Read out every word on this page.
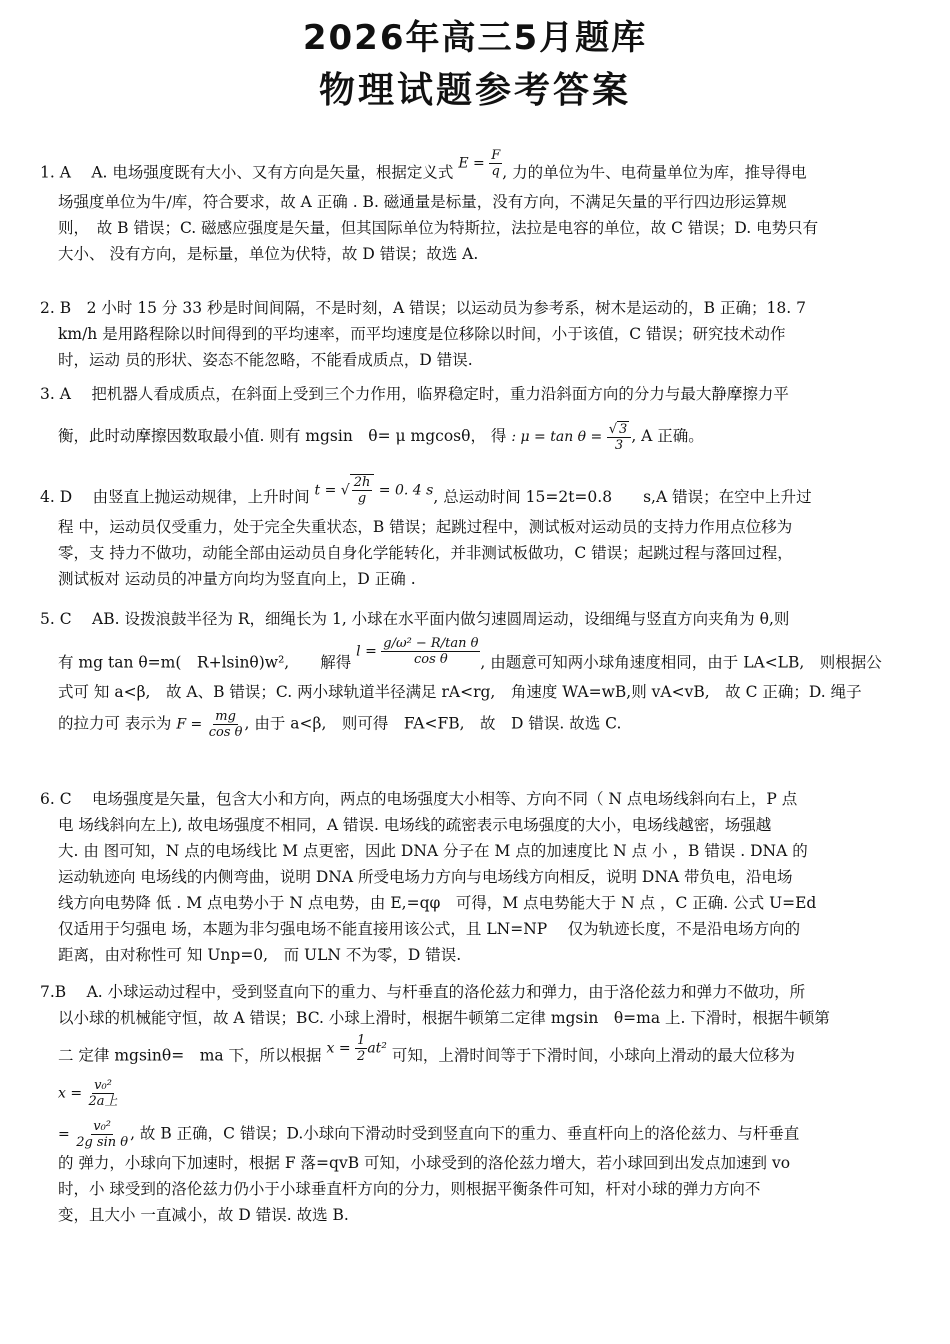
2026年高三5月题库
物理试题参考答案

1. A　 A. 电场强度既有大小、又有方向是矢量，根据定义式 $E = \frac{F}{q}$ , 力的单位为牛、电荷量单位为库，推导得电

场强度单位为牛/库，符合要求，故 A 正确 . B. 磁通量是标量，没有方向，不满足矢量的平行四边形运算规

则，　故 B 错误；C. 磁感应强度是矢量，但其国际单位为特斯拉，法拉是电容的单位，故 C 错误；D. 电势只有

大小、 没有方向，是标量，单位为伏特，故 D 错误；故选 A.

2. B　2 小时 15 分 33 秒是时间间隔，不是时刻，A 错误；以运动员为参考系，树木是运动的，B 正确；18. 7

km/h 是用路程除以时间得到的平均速率，而平均速度是位移除以时间，小于该值，C 错误；研究技术动作

时，运动 员的形状、姿态不能忽略，不能看成质点，D 错误.

3. A　 把机器人看成质点，在斜面上受到三个力作用，临界稳定时，重力沿斜面方向的分力与最大静摩擦力平

衡，此时动摩擦因数取最小值. 则有 mgsin　θ= μ mgcosθ， 得 : $\mu = \tan \theta = \frac{√ 3}{3}$ , A 正确。

4. D　 由竖直上抛运动规律，上升时间 t = √ $\frac{2h}{g} = 0$. 4 s, 总运动时间 15=2t=0.8　　s,A 错误；在空中上升过

程 中，运动员仅受重力，处于完全失重状态，B 错误；起跳过程中，测试板对运动员的支持力作用点位移为

零，支 持力不做功，动能全部由运动员自身化学能转化，并非测试板做功，C 错误；起跳过程与落回过程，

测试板对 运动员的冲量方向均为竖直向上，D 正确 .

5. C　 AB. 设拨浪鼓半径为 R，细绳长为 1, 小球在水平面内做匀速圆周运动，设细绳与竖直方向夹角为 θ,则

有 mg tan θ=m(　R+lsinθ)w²,　　解得 $l = \frac{\text{g/ω² − R/tan θ}}{\text{cos θ}}$ , 由题意可知两小球角速度相同，由于 LA<LB,　则根据公

式可 知 a<β,　故 A、B 错误；C. 两小球轨道半径满足 rA<rg,　角速度 WA=wB,则 vA<vB,　故 C 正确；D. 绳子

的拉力可 表示为 $F = \frac{mg}{\text{cos θ}}$ , 由于 a<β,　则可得　FA<FB,　故　D 错误. 故选 C.

6. C　 电场强度是矢量，包含大小和方向，两点的电场强度大小相等、方向不同（ N 点电场线斜向右上，P 点

电 场线斜向左上), 故电场强度不相同，A 错误. 电场线的疏密表示电场强度的大小，电场线越密，场强越

大. 由 图可知，N 点的电场线比 M 点更密，因此 DNA 分子在 M 点的加速度比 N 点 小 ，B 错误 . DNA 的

运动轨迹向 电场线的内侧弯曲，说明 DNA 所受电场力方向与电场线方向相反，说明 DNA 带负电，沿电场

线方向电势降 低 . M 点电势小于 N 点电势，由 E,=qφ　可得，M 点电势能大于 N 点 ，C 正确. 公式 U=Ed

仅适用于匀强电 场，本题为非匀强电场不能直接用该公式，且 LN=NP　 仅为轨迹长度，不是沿电场方向的

距离，由对称性可 知 Unp=0,　而 ULN 不为零，D 错误.

7.B　 A. 小球运动过程中，受到竖直向下的重力、与杆垂直的洛伦兹力和弹力，由于洛伦兹力和弹力不做功，所

以小球的机械能守恒，故 A 错误；BC. 小球上滑时，根据牛顿第二定律 mgsin　θ=ma 上. 下滑时，根据牛顿第

二 定律 mgsinθ=　ma 下，所以根据 $x = \frac{1}{2} at^2$ 可知，上滑时间等于下滑时间，小球向上滑动的最大位移为

$x = \frac{\text{v₀²}}{\text{2a上}}$

= $\frac{\text{v₀²}}{\text{2g sin θ}}$ , 故 B 正确，C 错误；D.小球向下滑动时受到竖直向下的重力、垂直杆向上的洛伦兹力、与杆垂直

的 弹力，小球向下加速时，根据 F 落=qvB 可知，小球受到的洛伦兹力增大，若小球回到出发点加速到 vo

时，小 球受到的洛伦兹力仍小于小球垂直杆方向的分力，则根据平衡条件可知，杆对小球的弹力方向不

变，且大小 一直减小，故 D 错误. 故选 B.
